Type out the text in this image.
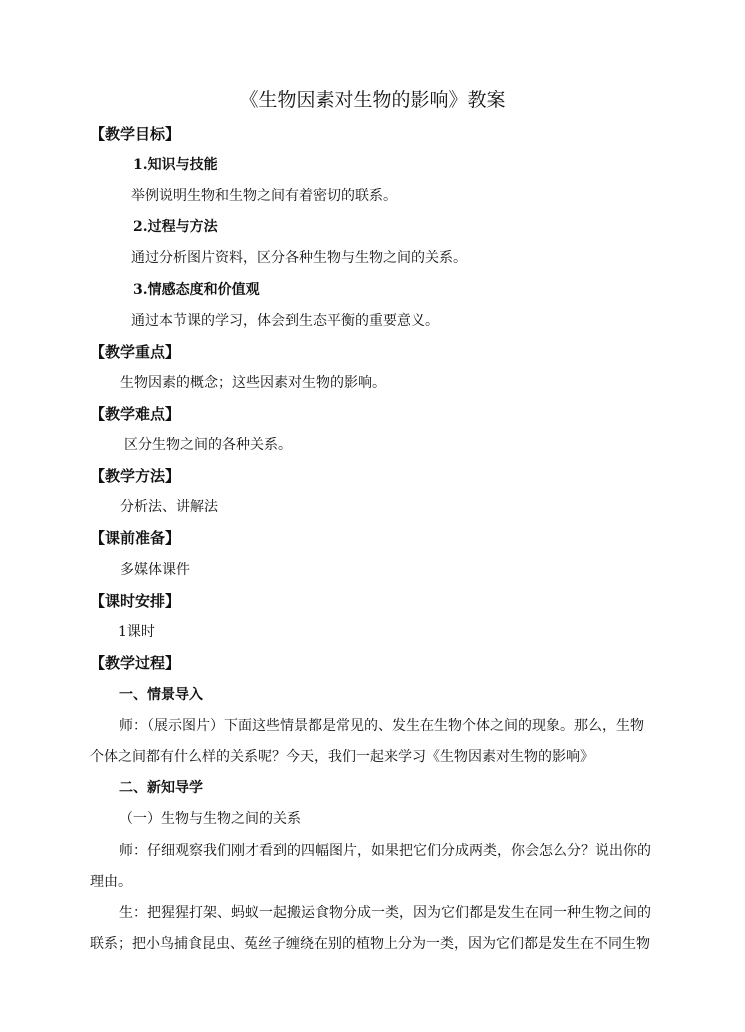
《生物因素对生物的影响》教案
【教学目标】
1.知识与技能
举例说明生物和生物之间有着密切的联系。
2.过程与方法
通过分析图片资料，区分各种生物与生物之间的关系。
3.情感态度和价值观
通过本节课的学习，体会到生态平衡的重要意义。
【教学重点】
生物因素的概念；这些因素对生物的影响。
【教学难点】
区分生物之间的各种关系。
【教学方法】
分析法、讲解法
【课前准备】
多媒体课件
【课时安排】
1课时
【教学过程】
一、情景导入
师：（展示图片）下面这些情景都是常见的、发生在生物个体之间的现象。那么，生物
个体之间都有什么样的关系呢？今天，我们一起来学习《生物因素对生物的影响》
二、新知导学
（一）生物与生物之间的关系
师：仔细观察我们刚才看到的四幅图片，如果把它们分成两类，你会怎么分？说出你的
理由。
生：把猩猩打架、蚂蚁一起搬运食物分成一类，因为它们都是发生在同一种生物之间的
联系；把小鸟捕食昆虫、菟丝子缠绕在别的植物上分为一类，因为它们都是发生在不同生物
